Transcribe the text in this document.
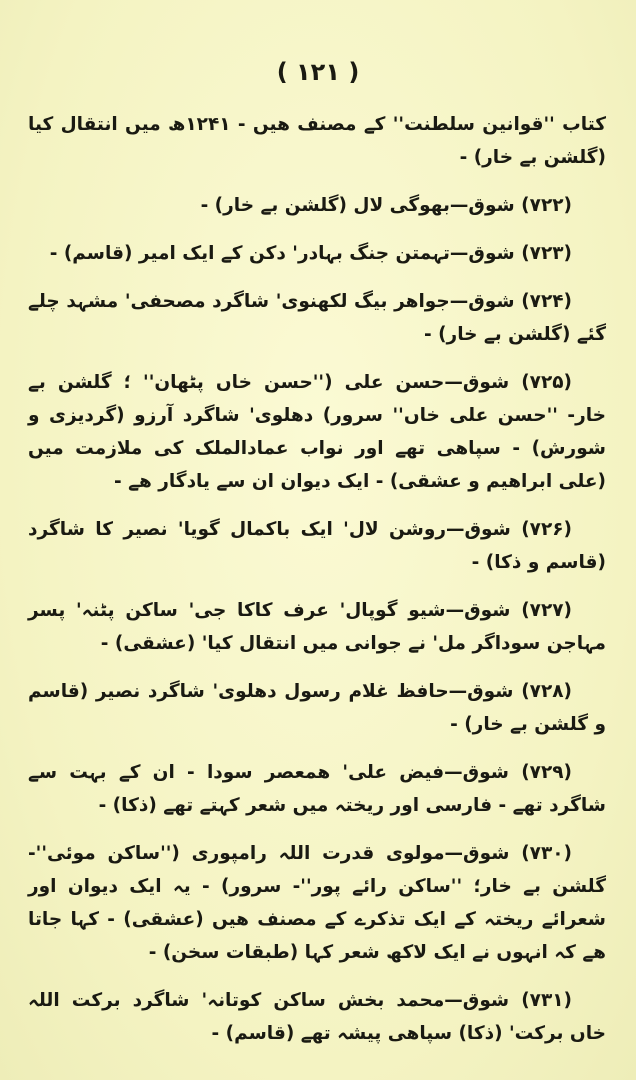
( ۱۲۱ )

کتاب ''قوانین سلطنت'' کے مصنف ھیں - ۱۲۴۱ھ میں انتقال کیا (گلشن بے خار) -

(۷۲۲) شوق—بھوگی لال (گلشن بے خار) -

(۷۲۳) شوق—تہمتن جنگ بہادر' دکن کے ایک امیر (قاسم) -

(۷۲۴) شوق—جواھر بیگ لکھنوی' شاگرد مصحفی' مشہد چلے گئے (گلشن بے خار) -

(۷۲۵) شوق—حسن علی (''حسن خاں پٹھان'' ؛ گلشن بے خار- ''حسن علی خاں'' سرور) دھلوی' شاگرد آرزو (گردیزی و شورش) - سپاھی تھے اور نواب عمادالملک کی ملازمت میں (علی ابراھیم و عشقی) - ایک دیوان ان سے یادگار ھے -

(۷۲۶) شوق—روشن لال' ایک باکمال گویا' نصیر کا شاگرد (قاسم و ذکا) -

(۷۲۷) شوق—شیو گوپال' عرف کاکا جی' ساکن پٹنہ' پسر مہاجن سوداگر مل' نے جوانی میں انتقال کیا' (عشقی) -

(۷۲۸) شوق—حافظ غلام رسول دھلوی' شاگرد نصیر (قاسم و گلشن بے خار) -

(۷۲۹) شوق—فیض علی' ھمعصر سودا - ان کے بہت سے شاگرد تھے - فارسی اور ریختہ میں شعر کہتے تھے (ذکا) -

(۷۳۰) شوق—مولوی قدرت اللہ رامپوری (''ساکن موئی''- گلشن بے خار؛ ''ساکن رائے پور''- سرور) - یہ ایک دیوان اور شعرائے ریختہ کے ایک تذکرے کے مصنف ھیں (عشقی) - کہا جاتا ھے کہ انہوں نے ایک لاکھ شعر کہا (طبقات سخن) -

(۷۳۱) شوق—محمد بخش ساکن کوتانہ' شاگرد برکت اللہ خاں برکت' (ذکا) سپاھی پیشہ تھے (قاسم) -
